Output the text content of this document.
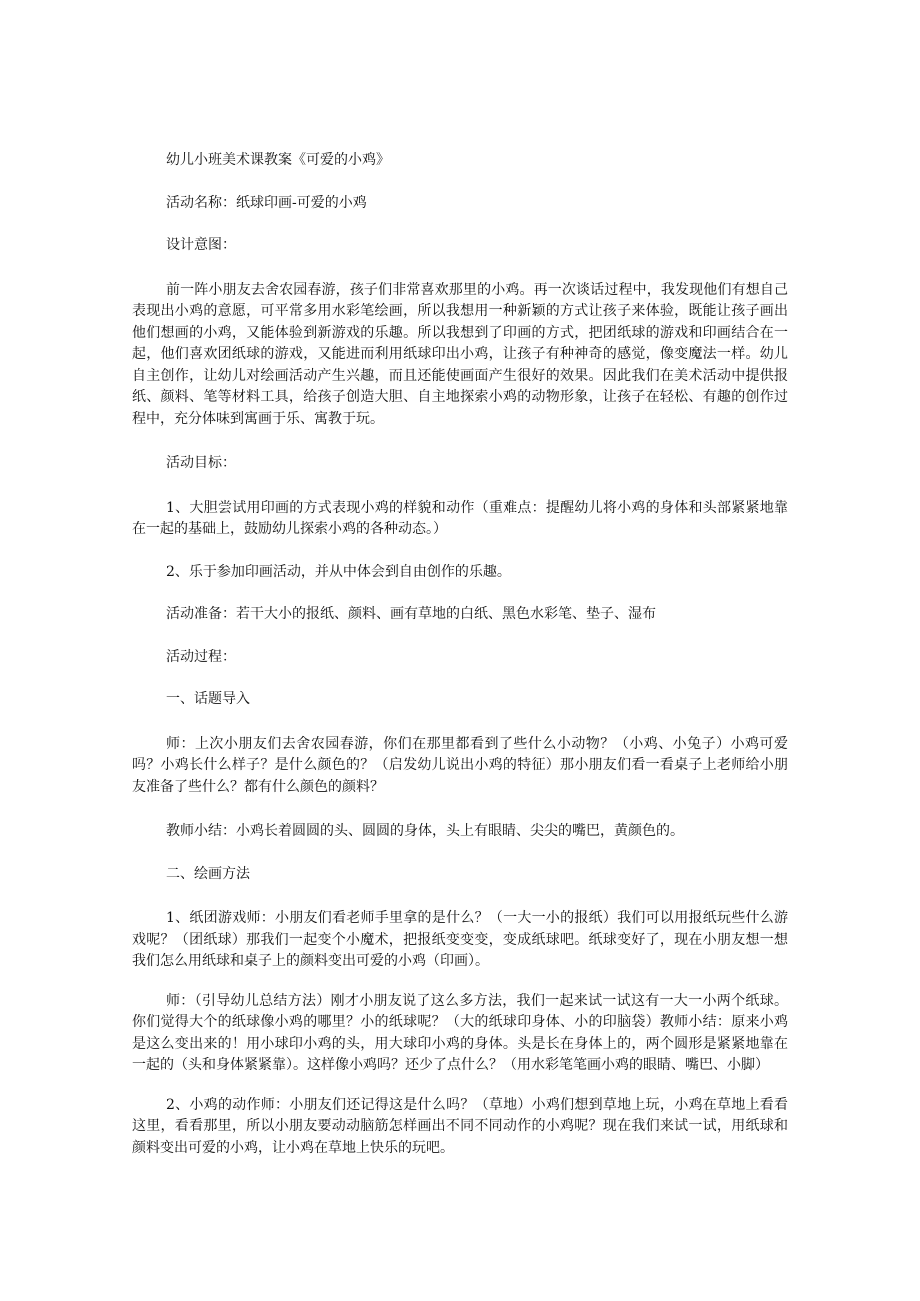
幼儿小班美术课教案《可爱的小鸡》

活动名称：纸球印画-可爱的小鸡

设计意图：

前一阵小朋友去舍农园春游，孩子们非常喜欢那里的小鸡。再一次谈话过程中，我发现他们有想自己表现出小鸡的意愿，可平常多用水彩笔绘画，所以我想用一种新颖的方式让孩子来体验，既能让孩子画出他们想画的小鸡，又能体验到新游戏的乐趣。所以我想到了印画的方式，把团纸球的游戏和印画结合在一起，他们喜欢团纸球的游戏，又能进而利用纸球印出小鸡，让孩子有种神奇的感觉，像变魔法一样。幼儿自主创作，让幼儿对绘画活动产生兴趣，而且还能使画面产生很好的效果。因此我们在美术活动中提供报纸、颜料、笔等材料工具，给孩子创造大胆、自主地探索小鸡的动物形象，让孩子在轻松、有趣的创作过程中，充分体味到寓画于乐、寓教于玩。

活动目标：

1、大胆尝试用印画的方式表现小鸡的样貌和动作（重难点：提醒幼儿将小鸡的身体和头部紧紧地靠在一起的基础上，鼓励幼儿探索小鸡的各种动态。）

2、乐于参加印画活动，并从中体会到自由创作的乐趣。

活动准备：若干大小的报纸、颜料、画有草地的白纸、黑色水彩笔、垫子、湿布

活动过程：

一、话题导入

师：上次小朋友们去舍农园春游，你们在那里都看到了些什么小动物？（小鸡、小兔子）小鸡可爱吗？小鸡长什么样子？是什么颜色的？（启发幼儿说出小鸡的特征）那小朋友们看一看桌子上老师给小朋友准备了些什么？都有什么颜色的颜料？

教师小结：小鸡长着圆圆的头、圆圆的身体，头上有眼睛、尖尖的嘴巴，黄颜色的。

二、绘画方法

1、纸团游戏师：小朋友们看老师手里拿的是什么？（一大一小的报纸）我们可以用报纸玩些什么游戏呢？（团纸球）那我们一起变个小魔术，把报纸变变变，变成纸球吧。纸球变好了，现在小朋友想一想我们怎么用纸球和桌子上的颜料变出可爱的小鸡（印画）。

师：（引导幼儿总结方法）刚才小朋友说了这么多方法，我们一起来试一试这有一大一小两个纸球。你们觉得大个的纸球像小鸡的哪里？小的纸球呢？（大的纸球印身体、小的印脑袋）教师小结：原来小鸡是这么变出来的！用小球印小鸡的头，用大球印小鸡的身体。头是长在身体上的，两个圆形是紧紧地靠在一起的（头和身体紧紧靠）。这样像小鸡吗？还少了点什么？（用水彩笔笔画小鸡的眼睛、嘴巴、小脚）

2、小鸡的动作师：小朋友们还记得这是什么吗？（草地）小鸡们想到草地上玩，小鸡在草地上看看这里，看看那里，所以小朋友要动动脑筋怎样画出不同不同动作的小鸡呢？现在我们来试一试，用纸球和颜料变出可爱的小鸡，让小鸡在草地上快乐的玩吧。
